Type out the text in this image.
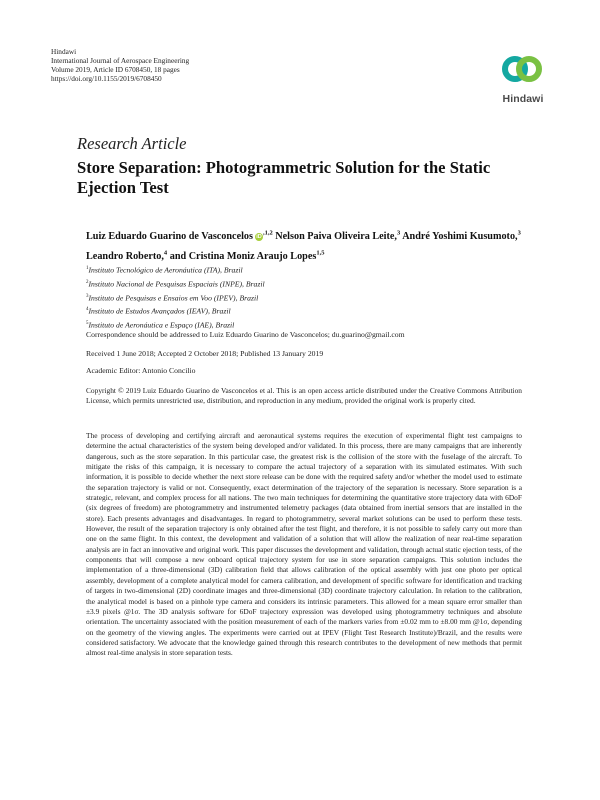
Hindawi
International Journal of Aerospace Engineering
Volume 2019, Article ID 6708450, 18 pages
https://doi.org/10.1155/2019/6708450
Hindawi
Research Article
Store Separation: Photogrammetric Solution for the Static Ejection Test
Luiz Eduardo Guarino de Vasconcelos $iD^{,1,2}$ Nelson Paiva Oliveira Leite,$^3$ André Yoshimi Kusumoto,$^3$ Leandro Roberto,$^4$ and Cristina Moniz Araujo Lopes$^{1,5}$
$^1$Instituto Tecnológico de Aeronáutica (ITA), Brazil
$^2$Instituto Nacional de Pesquisas Espaciais (INPE), Brazil
$^3$Instituto de Pesquisas e Ensaios em Voo (IPEV), Brazil
$^4$Instituto de Estudos Avançados (IEAV), Brazil
$^5$Instituto de Aeronáutica e Espaço (IAE), Brazil
Correspondence should be addressed to Luiz Eduardo Guarino de Vasconcelos; du.guarino@gmail.com
Received 1 June 2018; Accepted 2 October 2018; Published 13 January 2019
Academic Editor: Antonio Concilio
Copyright © 2019 Luiz Eduardo Guarino de Vasconcelos et al. This is an open access article distributed under the Creative Commons Attribution License, which permits unrestricted use, distribution, and reproduction in any medium, provided the original work is properly cited.
The process of developing and certifying aircraft and aeronautical systems requires the execution of experimental flight test campaigns to determine the actual characteristics of the system being developed and/or validated. In this process, there are many campaigns that are inherently dangerous, such as the store separation. In this particular case, the greatest risk is the collision of the store with the fuselage of the aircraft. To mitigate the risks of this campaign, it is necessary to compare the actual trajectory of a separation with its simulated estimates. With such information, it is possible to decide whether the next store release can be done with the required safety and/or whether the model used to estimate the separation trajectory is valid or not. Consequently, exact determination of the trajectory of the separation is necessary. Store separation is a strategic, relevant, and complex process for all nations. The two main techniques for determining the quantitative store trajectory data with 6DoF (six degrees of freedom) are photogrammetry and instrumented telemetry packages (data obtained from inertial sensors that are installed in the store). Each presents advantages and disadvantages. In regard to photogrammetry, several market solutions can be used to perform these tests. However, the result of the separation trajectory is only obtained after the test flight, and therefore, it is not possible to safely carry out more than one on the same flight. In this context, the development and validation of a solution that will allow the realization of near real-time separation analysis are in fact an innovative and original work. This paper discusses the development and validation, through actual static ejection tests, of the components that will compose a new onboard optical trajectory system for use in store separation campaigns. This solution includes the implementation of a three-dimensional (3D) calibration field that allows calibration of the optical assembly with just one photo per optical assembly, development of a complete analytical model for camera calibration, and development of specific software for identification and tracking of targets in two-dimensional (2D) coordinate images and three-dimensional (3D) coordinate trajectory calculation. In relation to the calibration, the analytical model is based on a pinhole type camera and considers its intrinsic parameters. This allowed for a mean square error smaller than ±3.9 pixels @1σ. The 3D analysis software for 6DoF trajectory expression was developed using photogrammetry techniques and absolute orientation. The uncertainty associated with the position measurement of each of the markers varies from ±0.02 mm to ±8.00 mm @1σ, depending on the geometry of the viewing angles. The experiments were carried out at IPEV (Flight Test Research Institute)/Brazil, and the results were considered satisfactory. We advocate that the knowledge gained through this research contributes to the development of new methods that permit almost real-time analysis in store separation tests.
